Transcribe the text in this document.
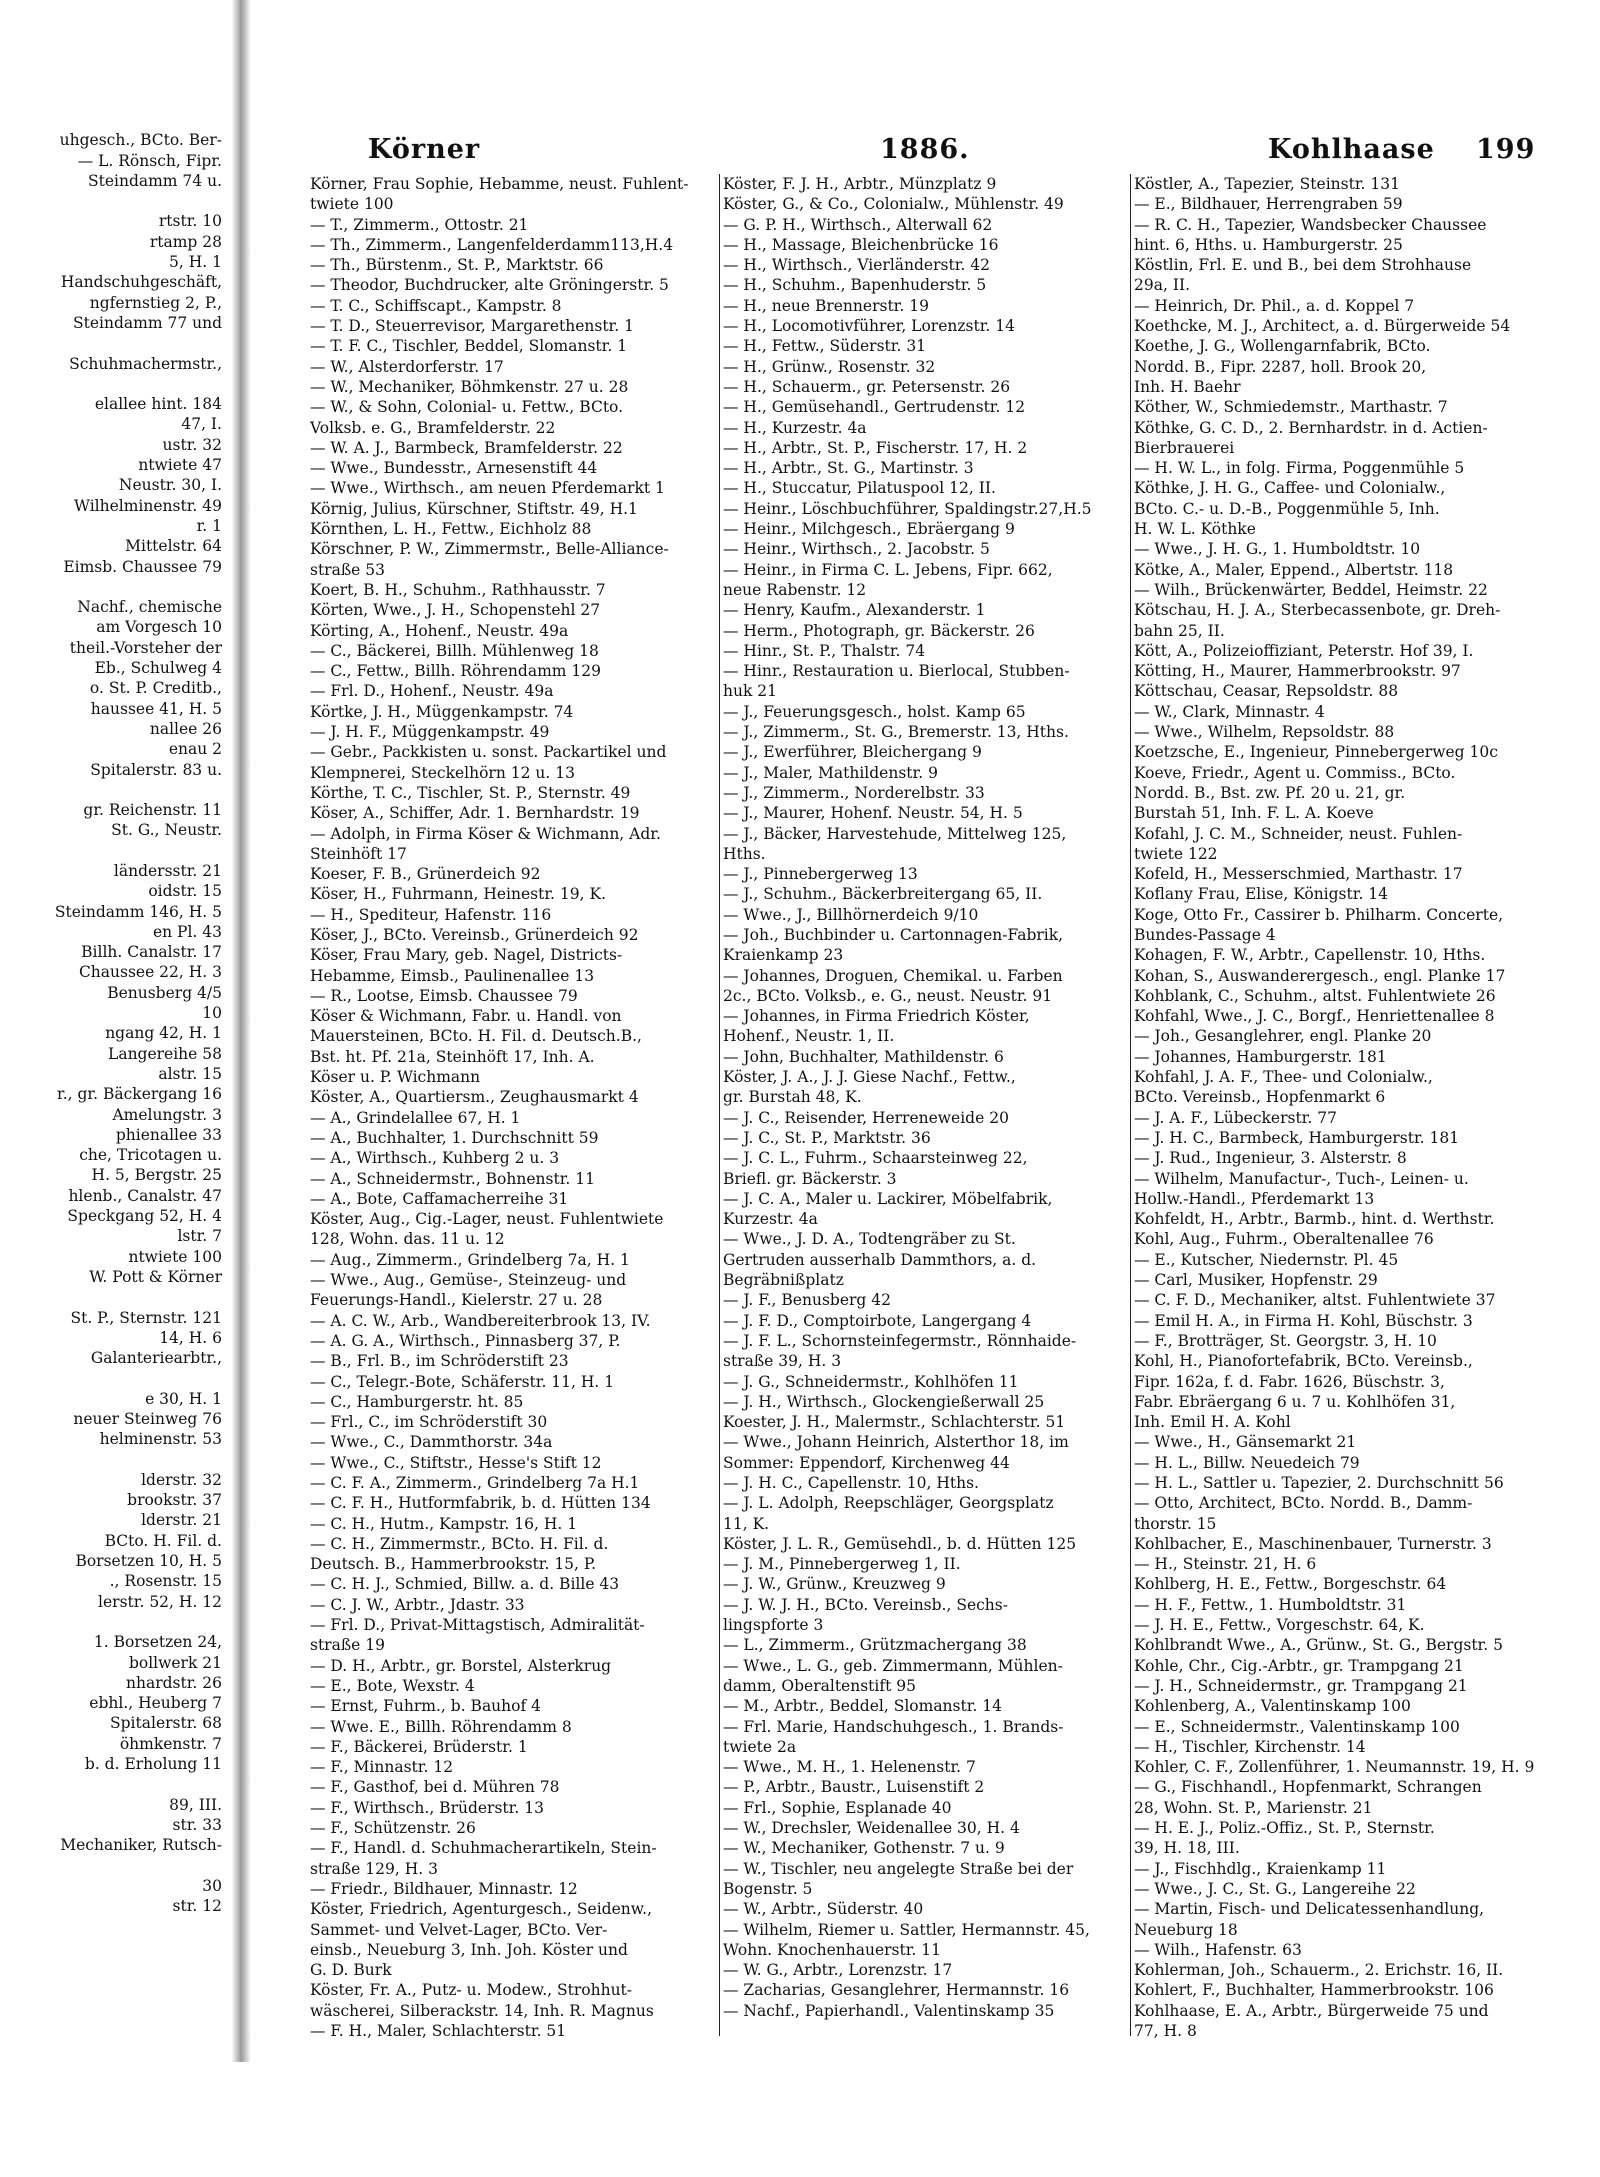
uhgesch., BCto. Ber-
— L. Rönsch, Fipr.
Steindamm 74 u.
rtstr. 10
rtamp 28
5, H. 1
Handschuhgeschäft,
ngfernstieg 2, P.,
Steindamm 77 und
Schuhmachermstr.,
elallee hint. 184
47, I.
ustr. 32
ntwiete 47
Neustr. 30, I.
Wilhelminenstr. 49
r. 1
Mittelstr. 64
Eimsb. Chaussee 79
Nachf., chemische
am Vorgesch 10
theil.-Vorsteher der
Eb., Schulweg 4
o. St. P. Creditb.,
haussee 41, H. 5
nallee 26
enau 2
Spitalerstr. 83 u.
gr. Reichenstr. 11
St. G., Neustr.
ländersstr. 21
oidstr. 15
Steindamm 146, H. 5
en Pl. 43
Billh. Canalstr. 17
Chaussee 22, H. 3
Benusberg 4/5
10
ngang 42, H. 1
Langereihe 58
alstr. 15
r., gr. Bäckergang 16
Amelungstr. 3
phienallee 33
che, Tricotagen u.
H. 5, Bergstr. 25
hlenb., Canalstr. 47
Speckgang 52, H. 4
lstr. 7
ntwiete 100
W. Pott & Körner
St. P., Sternstr. 121
14, H. 6
Galanteriearbtr.,
e 30, H. 1
neuer Steinweg 76
helminenstr. 53
lderstr. 32
brookstr. 37
lderstr. 21
BCto. H. Fil. d.
Borsetzen 10, H. 5
., Rosenstr. 15
lerstr. 52, H. 12
1. Borsetzen 24,
bollwerk 21
nhardstr. 26
ebhl., Heuberg 7
Spitalerstr. 68
öhmkenstr. 7
b. d. Erholung 11
89, III.
str. 33
Mechaniker, Rutsch-
30
str. 12
Körner	1886.	Kohlhaase 199
Körner, Frau Sophie, Hebamme, neust. Fuhlent-
twiete 100
— T., Zimmerm., Ottostr. 21
— Th., Zimmerm., Langenfelderdamm113,H.4
— Th., Bürstenm., St. P., Marktstr. 66
— Theodor, Buchdrucker, alte Gröningerstr. 5
— T. C., Schiffscapt., Kampstr. 8
— T. D., Steuerrevisor, Margarethenstr. 1
— T. F. C., Tischler, Beddel, Slomanstr. 1
— W., Alsterdorferstr. 17
— W., Mechaniker, Böhmkenstr. 27 u. 28
— W., & Sohn, Colonial- u. Fettw., BCto.
Volksb. e. G., Bramfelderstr. 22
— W. A. J., Barmbeck, Bramfelderstr. 22
— Wwe., Bundesstr., Arnesenstift 44
— Wwe., Wirthsch., am neuen Pferdemarkt 1
Körnig, Julius, Kürschner, Stiftstr. 49, H.1
Körnthen, L. H., Fettw., Eichholz 88
Körschner, P. W., Zimmermstr., Belle-Alliance-
straße 53
Koert, B. H., Schuhm., Rathhausstr. 7
Körten, Wwe., J. H., Schopenstehl 27
Körting, A., Hohenf., Neustr. 49a
— C., Bäckerei, Billh. Mühlenweg 18
— C., Fettw., Billh. Röhrendamm 129
— Frl. D., Hohenf., Neustr. 49a
Körtke, J. H., Müggenkampstr. 74
— J. H. F., Müggenkampstr. 49
— Gebr., Packkisten u. sonst. Packartikel und
Klempnerei, Steckelhörn 12 u. 13
Körthe, T. C., Tischler, St. P., Sternstr. 49
Köser, A., Schiffer, Adr. 1. Bernhardstr. 19
— Adolph, in Firma Köser & Wichmann, Adr.
Steinhöft 17
Koeser, F. B., Grünerdeich 92
Köser, H., Fuhrmann, Heinestr. 19, K.
— H., Spediteur, Hafenstr. 116
Köser, J., BCto. Vereinsb., Grünerdeich 92
Köser, Frau Mary, geb. Nagel, Districts-
Hebamme, Eimsb., Paulinenallee 13
— R., Lootse, Eimsb. Chaussee 79
Köser & Wichmann, Fabr. u. Handl. von
Mauersteinen, BCto. H. Fil. d. Deutsch.B.,
Bst. ht. Pf. 21a, Steinhöft 17, Inh. A.
Köser u. P. Wichmann
Köster, A., Quartiersm., Zeughausmarkt 4
— A., Grindelallee 67, H. 1
— A., Buchhalter, 1. Durchschnitt 59
— A., Wirthsch., Kuhberg 2 u. 3
— A., Schneidermstr., Bohnenstr. 11
— A., Bote, Caffamacherreihe 31
Köster, Aug., Cig.-Lager, neust. Fuhlentwiete
128, Wohn. das. 11 u. 12
— Aug., Zimmerm., Grindelberg 7a, H. 1
— Wwe., Aug., Gemüse-, Steinzeug- und
Feuerungs-Handl., Kielerstr. 27 u. 28
— A. C. W., Arb., Wandbereiterbrook 13, IV.
— A. G. A., Wirthsch., Pinnasberg 37, P.
— B., Frl. B., im Schröderstift 23
— C., Telegr.-Bote, Schäferstr. 11, H. 1
— C., Hamburgerstr. ht. 85
— Frl., C., im Schröderstift 30
— Wwe., C., Dammthorstr. 34a
— Wwe., C., Stiftstr., Hesse's Stift 12
— C. F. A., Zimmerm., Grindelberg 7a H.1
— C. F. H., Hutformfabrik, b. d. Hütten 134
— C. H., Hutm., Kampstr. 16, H. 1
— C. H., Zimmermstr., BCto. H. Fil. d.
Deutsch. B., Hammerbrookstr. 15, P.
— C. H. J., Schmied, Billw. a. d. Bille 43
— C. J. W., Arbtr., Jdastr. 33
— Frl. D., Privat-Mittagstisch, Admiralität-
straße 19
— D. H., Arbtr., gr. Borstel, Alsterkrug
— E., Bote, Wexstr. 4
— Ernst, Fuhrm., b. Bauhof 4
— Wwe. E., Billh. Röhrendamm 8
— F., Bäckerei, Brüderstr. 1
— F., Minnastr. 12
— F., Gasthof, bei d. Mühren 78
— F., Wirthsch., Brüderstr. 13
— F., Schützenstr. 26
— F., Handl. d. Schuhmacherartikeln, Stein-
straße 129, H. 3
— Friedr., Bildhauer, Minnastr. 12
Köster, Friedrich, Agenturgesch., Seidenw.,
Sammet- und Velvet-Lager, BCto. Ver-
einsb., Neueburg 3, Inh. Joh. Köster und
G. D. Burk
Köster, Fr. A., Putz- u. Modew., Strohhut-
wäscherei, Silberackstr. 14, Inh. R. Magnus
— F. H., Maler, Schlachterstr. 51
Köster, F. J. H., Arbtr., Münzplatz 9
Köster, G., & Co., Colonialw., Mühlenstr. 49
— G. P. H., Wirthsch., Alterwall 62
— H., Massage, Bleichenbrücke 16
— H., Wirthsch., Vierländerstr. 42
— H., Schuhm., Bapenhuderstr. 5
— H., neue Brennerstr. 19
— H., Locomotivführer, Lorenzstr. 14
— H., Fettw., Süderstr. 31
— H., Grünw., Rosenstr. 32
— H., Schauerm., gr. Petersenstr. 26
— H., Gemüsehandl., Gertrudenstr. 12
— H., Kurzestr. 4a
— H., Arbtr., St. P., Fischerstr. 17, H. 2
— H., Arbtr., St. G., Martinstr. 3
— H., Stuccatur, Pilatuspool 12, II.
— Heinr., Löschbuchführer, Spaldingstr.27,H.5
— Heinr., Milchgesch., Ebräergang 9
— Heinr., Wirthsch., 2. Jacobstr. 5
— Heinr., in Firma C. L. Jebens, Fipr. 662,
neue Rabenstr. 12
— Henry, Kaufm., Alexanderstr. 1
— Herm., Photograph, gr. Bäckerstr. 26
— Hinr., St. P., Thalstr. 74
— Hinr., Restauration u. Bierlocal, Stubben-
huk 21
— J., Feuerungsgesch., holst. Kamp 65
— J., Zimmerm., St. G., Bremerstr. 13, Hths.
— J., Ewerführer, Bleichergang 9
— J., Maler, Mathildenstr. 9
— J., Zimmerm., Norderelbstr. 33
— J., Maurer, Hohenf. Neustr. 54, H. 5
— J., Bäcker, Harvestehude, Mittelweg 125,
Hths.
— J., Pinnebergerweg 13
— J., Schuhm., Bäckerbreitergang 65, II.
— Wwe., J., Billhörnerdeich 9/10
— Joh., Buchbinder u. Cartonnagen-Fabrik,
Kraienkamp 23
— Johannes, Droguen, Chemikal. u. Farben
2c., BCto. Volksb., e. G., neust. Neustr. 91
— Johannes, in Firma Friedrich Köster,
Hohenf., Neustr. 1, II.
— John, Buchhalter, Mathildenstr. 6
Köster, J. A., J. J. Giese Nachf., Fettw.,
gr. Burstah 48, K.
— J. C., Reisender, Herreneweide 20
— J. C., St. P., Marktstr. 36
— J. C. L., Fuhrm., Schaarsteinweg 22,
Briefl. gr. Bäckerstr. 3
— J. C. A., Maler u. Lackirer, Möbelfabrik,
Kurzestr. 4a
— Wwe., J. D. A., Todtengräber zu St.
Gertruden ausserhalb Dammthors, a. d.
Begräbnißplatz
— J. F., Benusberg 42
— J. F. D., Comptoirbote, Langergang 4
— J. F. L., Schornsteinfegermstr., Rönnhaide-
straße 39, H. 3
— J. G., Schneidermstr., Kohlhöfen 11
— J. H., Wirthsch., Glockengießerwall 25
Koester, J. H., Malermstr., Schlachterstr. 51
— Wwe., Johann Heinrich, Alsterthor 18, im
Sommer: Eppendorf, Kirchenweg 44
— J. H. C., Capellenstr. 10, Hths.
— J. L. Adolph, Reepschläger, Georgsplatz
11, K.
Köster, J. L. R., Gemüsehdl., b. d. Hütten 125
— J. M., Pinnebergerweg 1, II.
— J. W., Grünw., Kreuzweg 9
— J. W. J. H., BCto. Vereinsb., Sechs-
lingspforte 3
— L., Zimmerm., Grützmachergang 38
— Wwe., L. G., geb. Zimmermann, Mühlen-
damm, Oberaltenstift 95
— M., Arbtr., Beddel, Slomanstr. 14
— Frl. Marie, Handschuhgesch., 1. Brands-
twiete 2a
— Wwe., M. H., 1. Helenenstr. 7
— P., Arbtr., Baustr., Luisenstift 2
— Frl., Sophie, Esplanade 40
— W., Drechsler, Weidenallee 30, H. 4
— W., Mechaniker, Gothenstr. 7 u. 9
— W., Tischler, neu angelegte Straße bei der
Bogenstr. 5
— W., Arbtr., Süderstr. 40
— Wilhelm, Riemer u. Sattler, Hermannstr. 45,
Wohn. Knochenhauerstr. 11
— W. G., Arbtr., Lorenzstr. 17
— Zacharias, Gesanglehrer, Hermannstr. 16
— Nachf., Papierhandl., Valentinskamp 35
Köstler, A., Tapezier, Steinstr. 131
— E., Bildhauer, Herrengraben 59
— R. C. H., Tapezier, Wandsbecker Chaussee
hint. 6, Hths. u. Hamburgerstr. 25
Köstlin, Frl. E. und B., bei dem Strohhause
29a, II.
— Heinrich, Dr. Phil., a. d. Koppel 7
Koethcke, M. J., Architect, a. d. Bürgerweide 54
Koethe, J. G., Wollengarnfabrik, BCto.
Nordd. B., Fipr. 2287, holl. Brook 20,
Inh. H. Baehr
Köther, W., Schmiedemstr., Marthastr. 7
Köthke, G. C. D., 2. Bernhardstr. in d. Actien-
Bierbrauerei
— H. W. L., in folg. Firma, Poggenmühle 5
Köthke, J. H. G., Caffee- und Colonialw.,
BCto. C.- u. D.-B., Poggenmühle 5, Inh.
H. W. L. Köthke
— Wwe., J. H. G., 1. Humboldtstr. 10
Kötke, A., Maler, Eppend., Albertstr. 118
— Wilh., Brückenwärter, Beddel, Heimstr. 22
Kötschau, H. J. A., Sterbecassenbote, gr. Dreh-
bahn 25, II.
Kött, A., Polizeioffiziant, Peterstr. Hof 39, I.
Kötting, H., Maurer, Hammerbrookstr. 97
Köttschau, Ceasar, Repsoldstr. 88
— W., Clark, Minnastr. 4
— Wwe., Wilhelm, Repsoldstr. 88
Koetzsche, E., Ingenieur, Pinnebergerweg 10c
Koeve, Friedr., Agent u. Commiss., BCto.
Nordd. B., Bst. zw. Pf. 20 u. 21, gr.
Burstah 51, Inh. F. L. A. Koeve
Kofahl, J. C. M., Schneider, neust. Fuhlen-
twiete 122
Kofeld, H., Messerschmied, Marthastr. 17
Koflany Frau, Elise, Königstr. 14
Koge, Otto Fr., Cassirer b. Philharm. Concerte,
Bundes-Passage 4
Kohagen, F. W., Arbtr., Capellenstr. 10, Hths.
Kohan, S., Auswanderergesch., engl. Planke 17
Kohblank, C., Schuhm., altst. Fuhlentwiete 26
Kohfahl, Wwe., J. C., Borgf., Henriettenallee 8
— Joh., Gesanglehrer, engl. Planke 20
— Johannes, Hamburgerstr. 181
Kohfahl, J. A. F., Thee- und Colonialw.,
BCto. Vereinsb., Hopfenmarkt 6
— J. A. F., Lübeckerstr. 77
— J. H. C., Barmbeck, Hamburgerstr. 181
— J. Rud., Ingenieur, 3. Alsterstr. 8
— Wilhelm, Manufactur-, Tuch-, Leinen- u.
Hollw.-Handl., Pferdemarkt 13
Kohfeldt, H., Arbtr., Barmb., hint. d. Werthstr.
Kohl, Aug., Fuhrm., Oberaltenallee 76
— E., Kutscher, Niedernstr. Pl. 45
— Carl, Musiker, Hopfenstr. 29
— C. F. D., Mechaniker, altst. Fuhlentwiete 37
— Emil H. A., in Firma H. Kohl, Büschstr. 3
— F., Brotträger, St. Georgstr. 3, H. 10
Kohl, H., Pianofortefabrik, BCto. Vereinsb.,
Fipr. 162a, f. d. Fabr. 1626, Büschstr. 3,
Fabr. Ebräergang 6 u. 7 u. Kohlhöfen 31,
Inh. Emil H. A. Kohl
— Wwe., H., Gänsemarkt 21
— H. L., Billw. Neuedeich 79
— H. L., Sattler u. Tapezier, 2. Durchschnitt 56
— Otto, Architect, BCto. Nordd. B., Damm-
thorstr. 15
Kohlbacher, E., Maschinenbauer, Turnerstr. 3
— H., Steinstr. 21, H. 6
Kohlberg, H. E., Fettw., Borgeschstr. 64
— H. F., Fettw., 1. Humboldtstr. 31
— J. H. E., Fettw., Vorgeschstr. 64, K.
Kohlbrandt Wwe., A., Grünw., St. G., Bergstr. 5
Kohle, Chr., Cig.-Arbtr., gr. Trampgang 21
— J. H., Schneidermstr., gr. Trampgang 21
Kohlenberg, A., Valentinskamp 100
— E., Schneidermstr., Valentinskamp 100
— H., Tischler, Kirchenstr. 14
Kohler, C. F., Zollenführer, 1. Neumannstr. 19, H. 9
— G., Fischhandl., Hopfenmarkt, Schrangen
28, Wohn. St. P., Marienstr. 21
— H. E. J., Poliz.-Offiz., St. P., Sternstr.
39, H. 18, III.
— J., Fischhdlg., Kraienkamp 11
— Wwe., J. C., St. G., Langereihe 22
— Martin, Fisch- und Delicatessenhandlung,
Neueburg 18
— Wilh., Hafenstr. 63
Kohlerman, Joh., Schauerm., 2. Erichstr. 16, II.
Kohlert, F., Buchhalter, Hammerbrookstr. 106
Kohlhaase, E. A., Arbtr., Bürgerweide 75 und
77, H. 8
